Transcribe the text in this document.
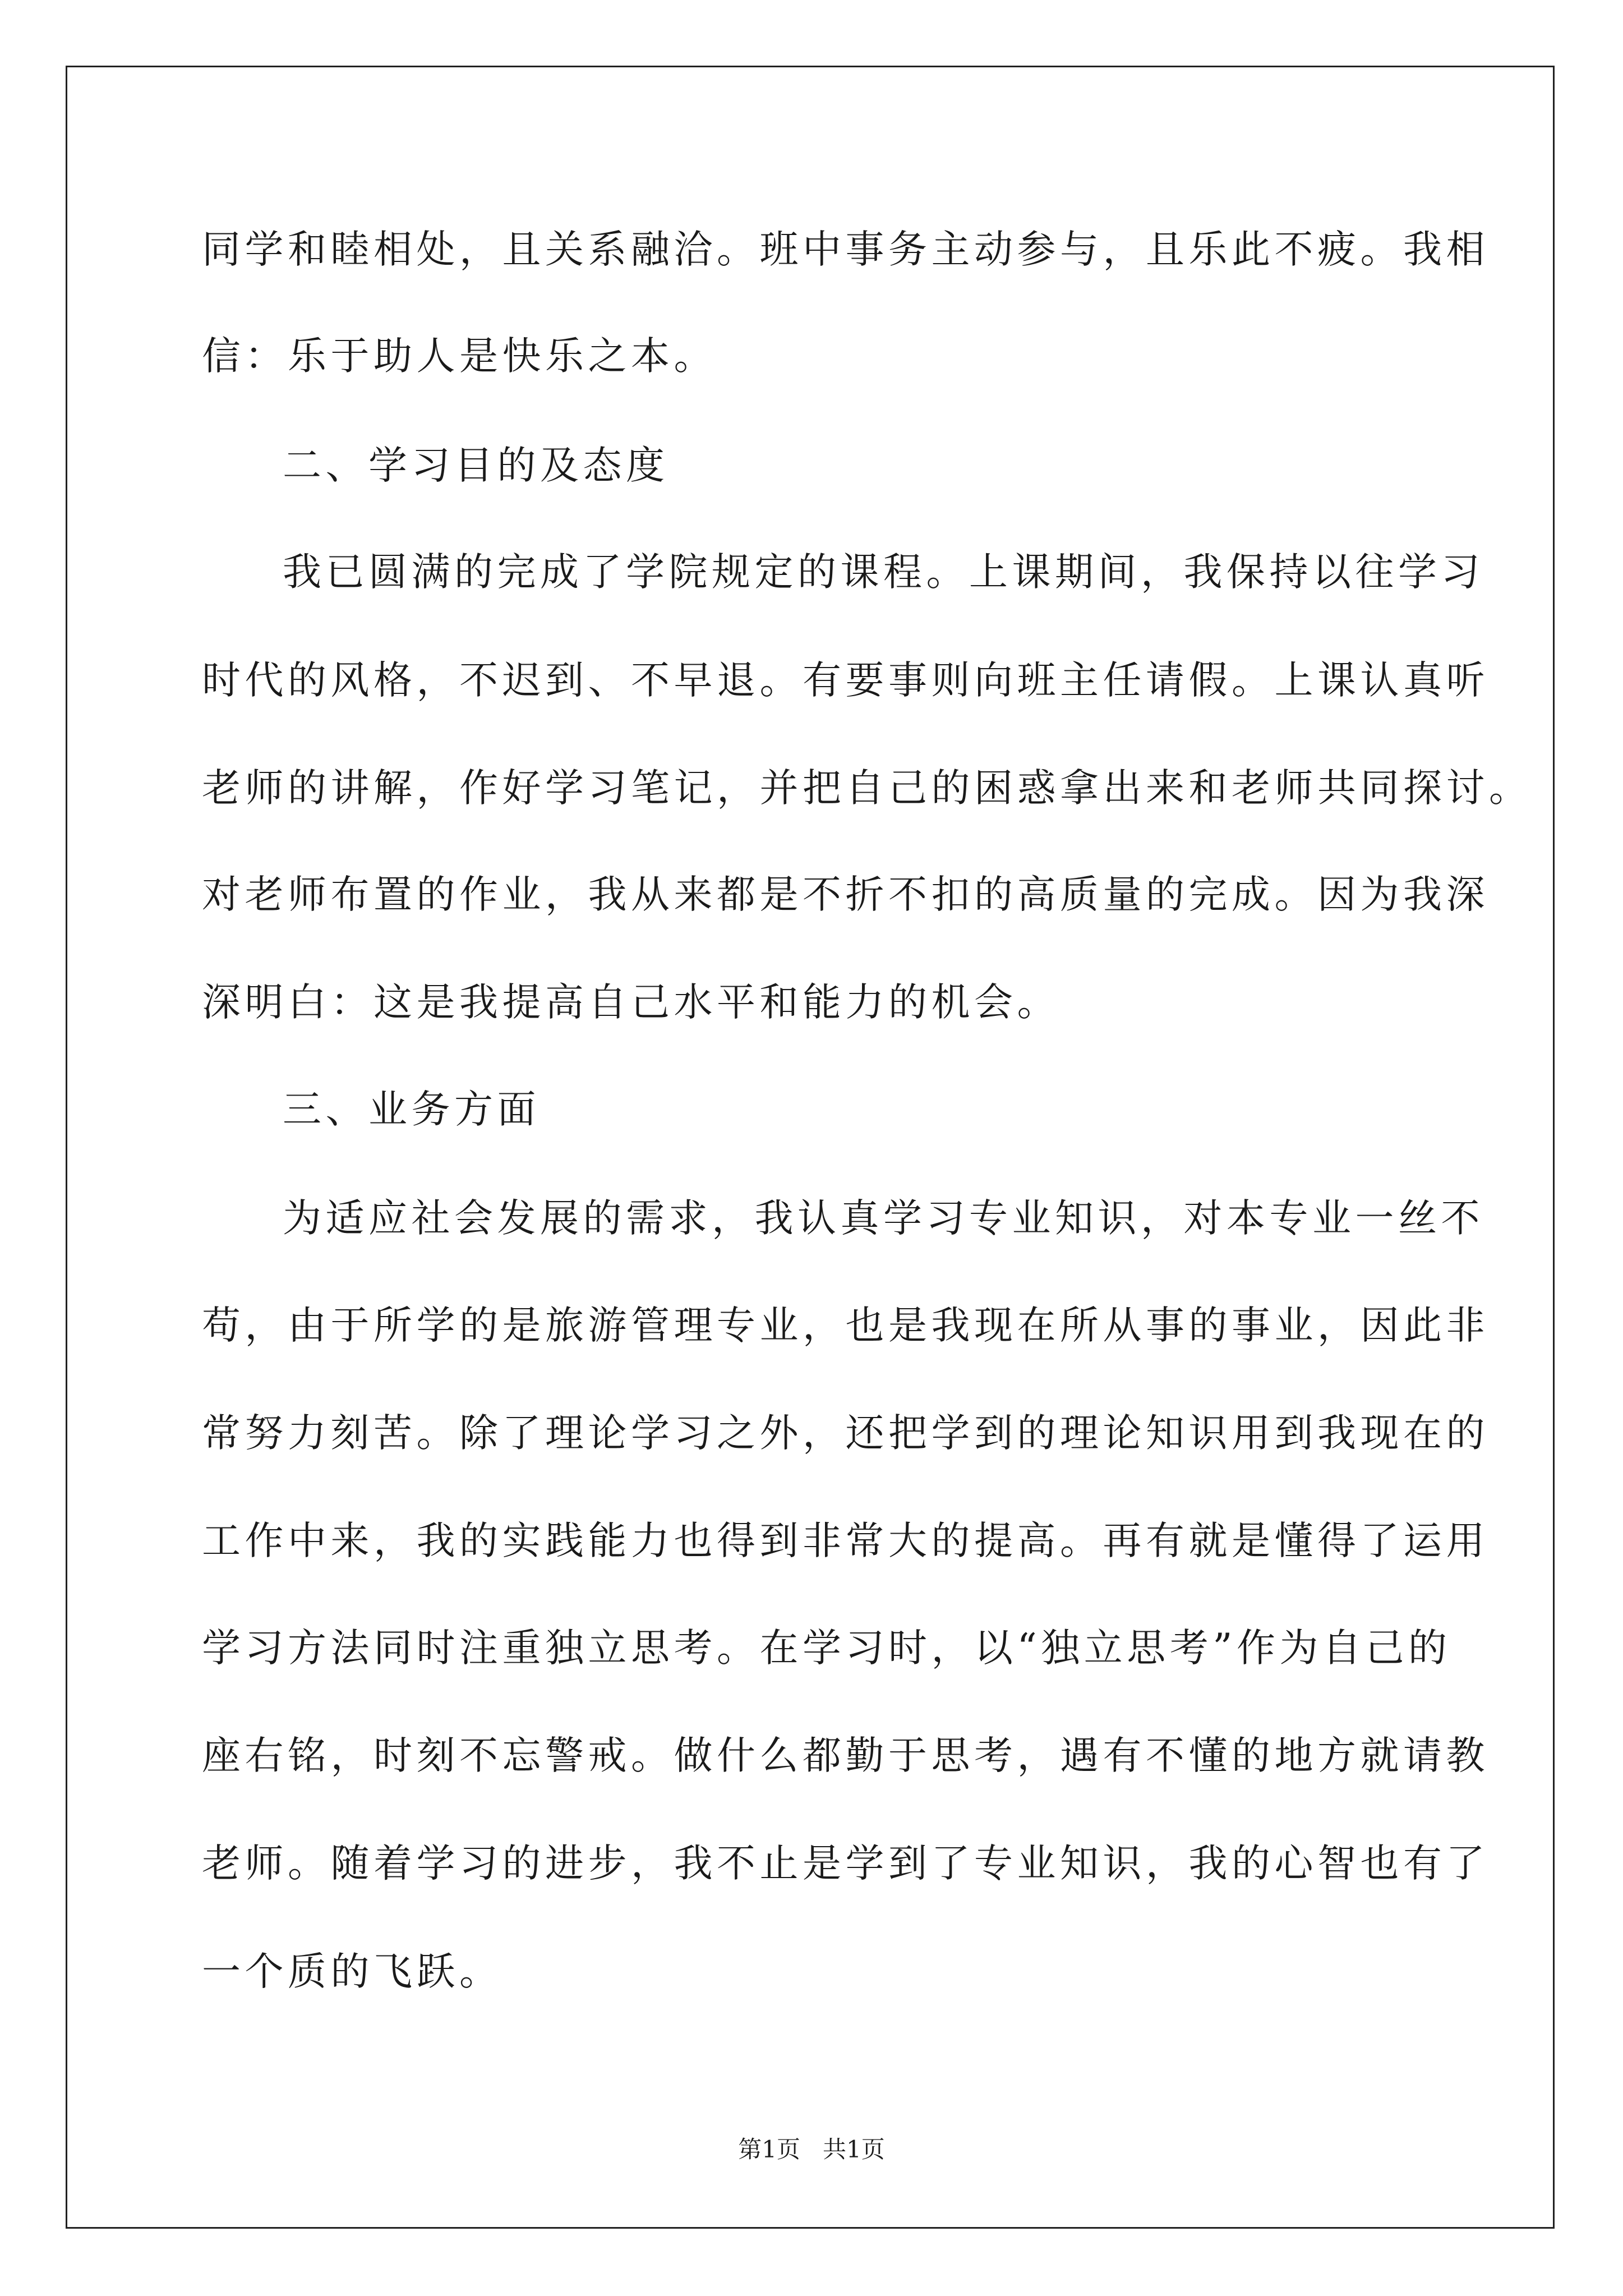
同学和睦相处，且关系融洽。班中事务主动参与，且乐此不疲。我相
信：乐于助人是快乐之本。
二、学习目的及态度
我已圆满的完成了学院规定的课程。上课期间，我保持以往学习
时代的风格，不迟到、不早退。有要事则向班主任请假。上课认真听
老师的讲解，作好学习笔记，并把自己的困惑拿出来和老师共同探讨。
对老师布置的作业，我从来都是不折不扣的高质量的完成。因为我深
深明白：这是我提高自己水平和能力的机会。
三、业务方面
为适应社会发展的需求，我认真学习专业知识，对本专业一丝不
苟，由于所学的是旅游管理专业，也是我现在所从事的事业，因此非
常努力刻苦。除了理论学习之外，还把学到的理论知识用到我现在的
工作中来，我的实践能力也得到非常大的提高。再有就是懂得了运用
学习方法同时注重独立思考。在学习时，以“独立思考”作为自己的
座右铭，时刻不忘警戒。做什么都勤于思考，遇有不懂的地方就请教
老师。随着学习的进步，我不止是学到了专业知识，我的心智也有了
一个质的飞跃。
第1页   共1页
